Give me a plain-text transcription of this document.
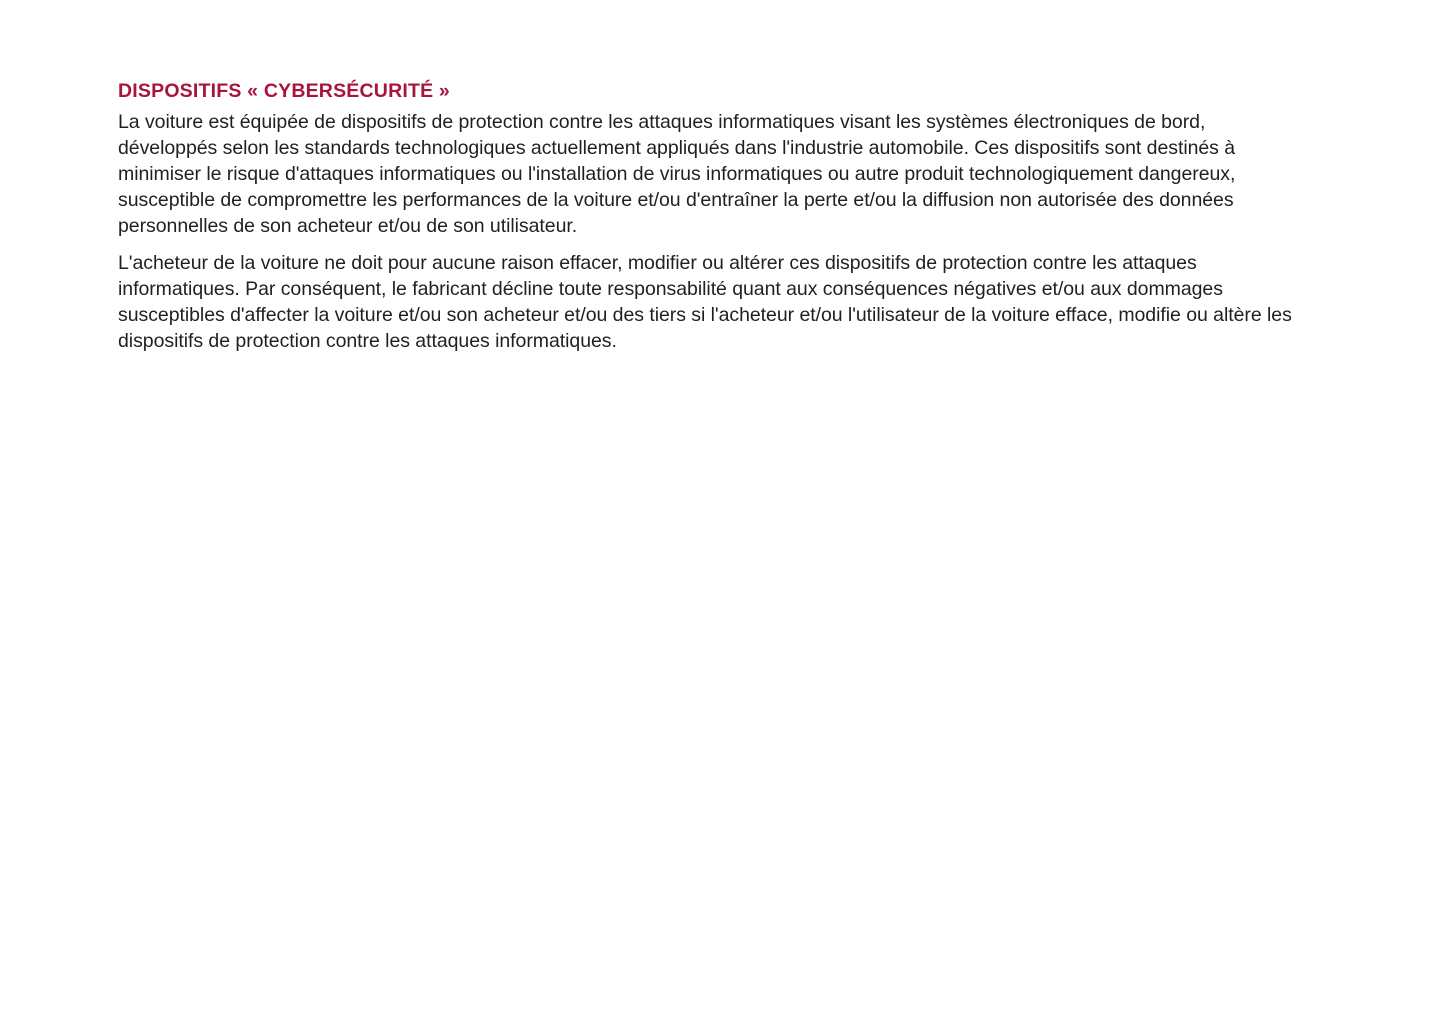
DISPOSITIFS « CYBERSÉCURITÉ »

La voiture est équipée de dispositifs de protection contre les attaques informatiques visant les systèmes électroniques de bord, développés selon les standards technologiques actuellement appliqués dans l'industrie automobile. Ces dispositifs sont destinés à minimiser le risque d'attaques informatiques ou l'installation de virus informatiques ou autre produit technologiquement dangereux, susceptible de compromettre les performances de la voiture et/ou d'entraîner la perte et/ou la diffusion non autorisée des données personnelles de son acheteur et/ou de son utilisateur.

L'acheteur de la voiture ne doit pour aucune raison effacer, modifier ou altérer ces dispositifs de protection contre les attaques informatiques. Par conséquent, le fabricant décline toute responsabilité quant aux conséquences négatives et/ou aux dommages susceptibles d'affecter la voiture et/ou son acheteur et/ou des tiers si l'acheteur et/ou l'utilisateur de la voiture efface, modifie ou altère les dispositifs de protection contre les attaques informatiques.
